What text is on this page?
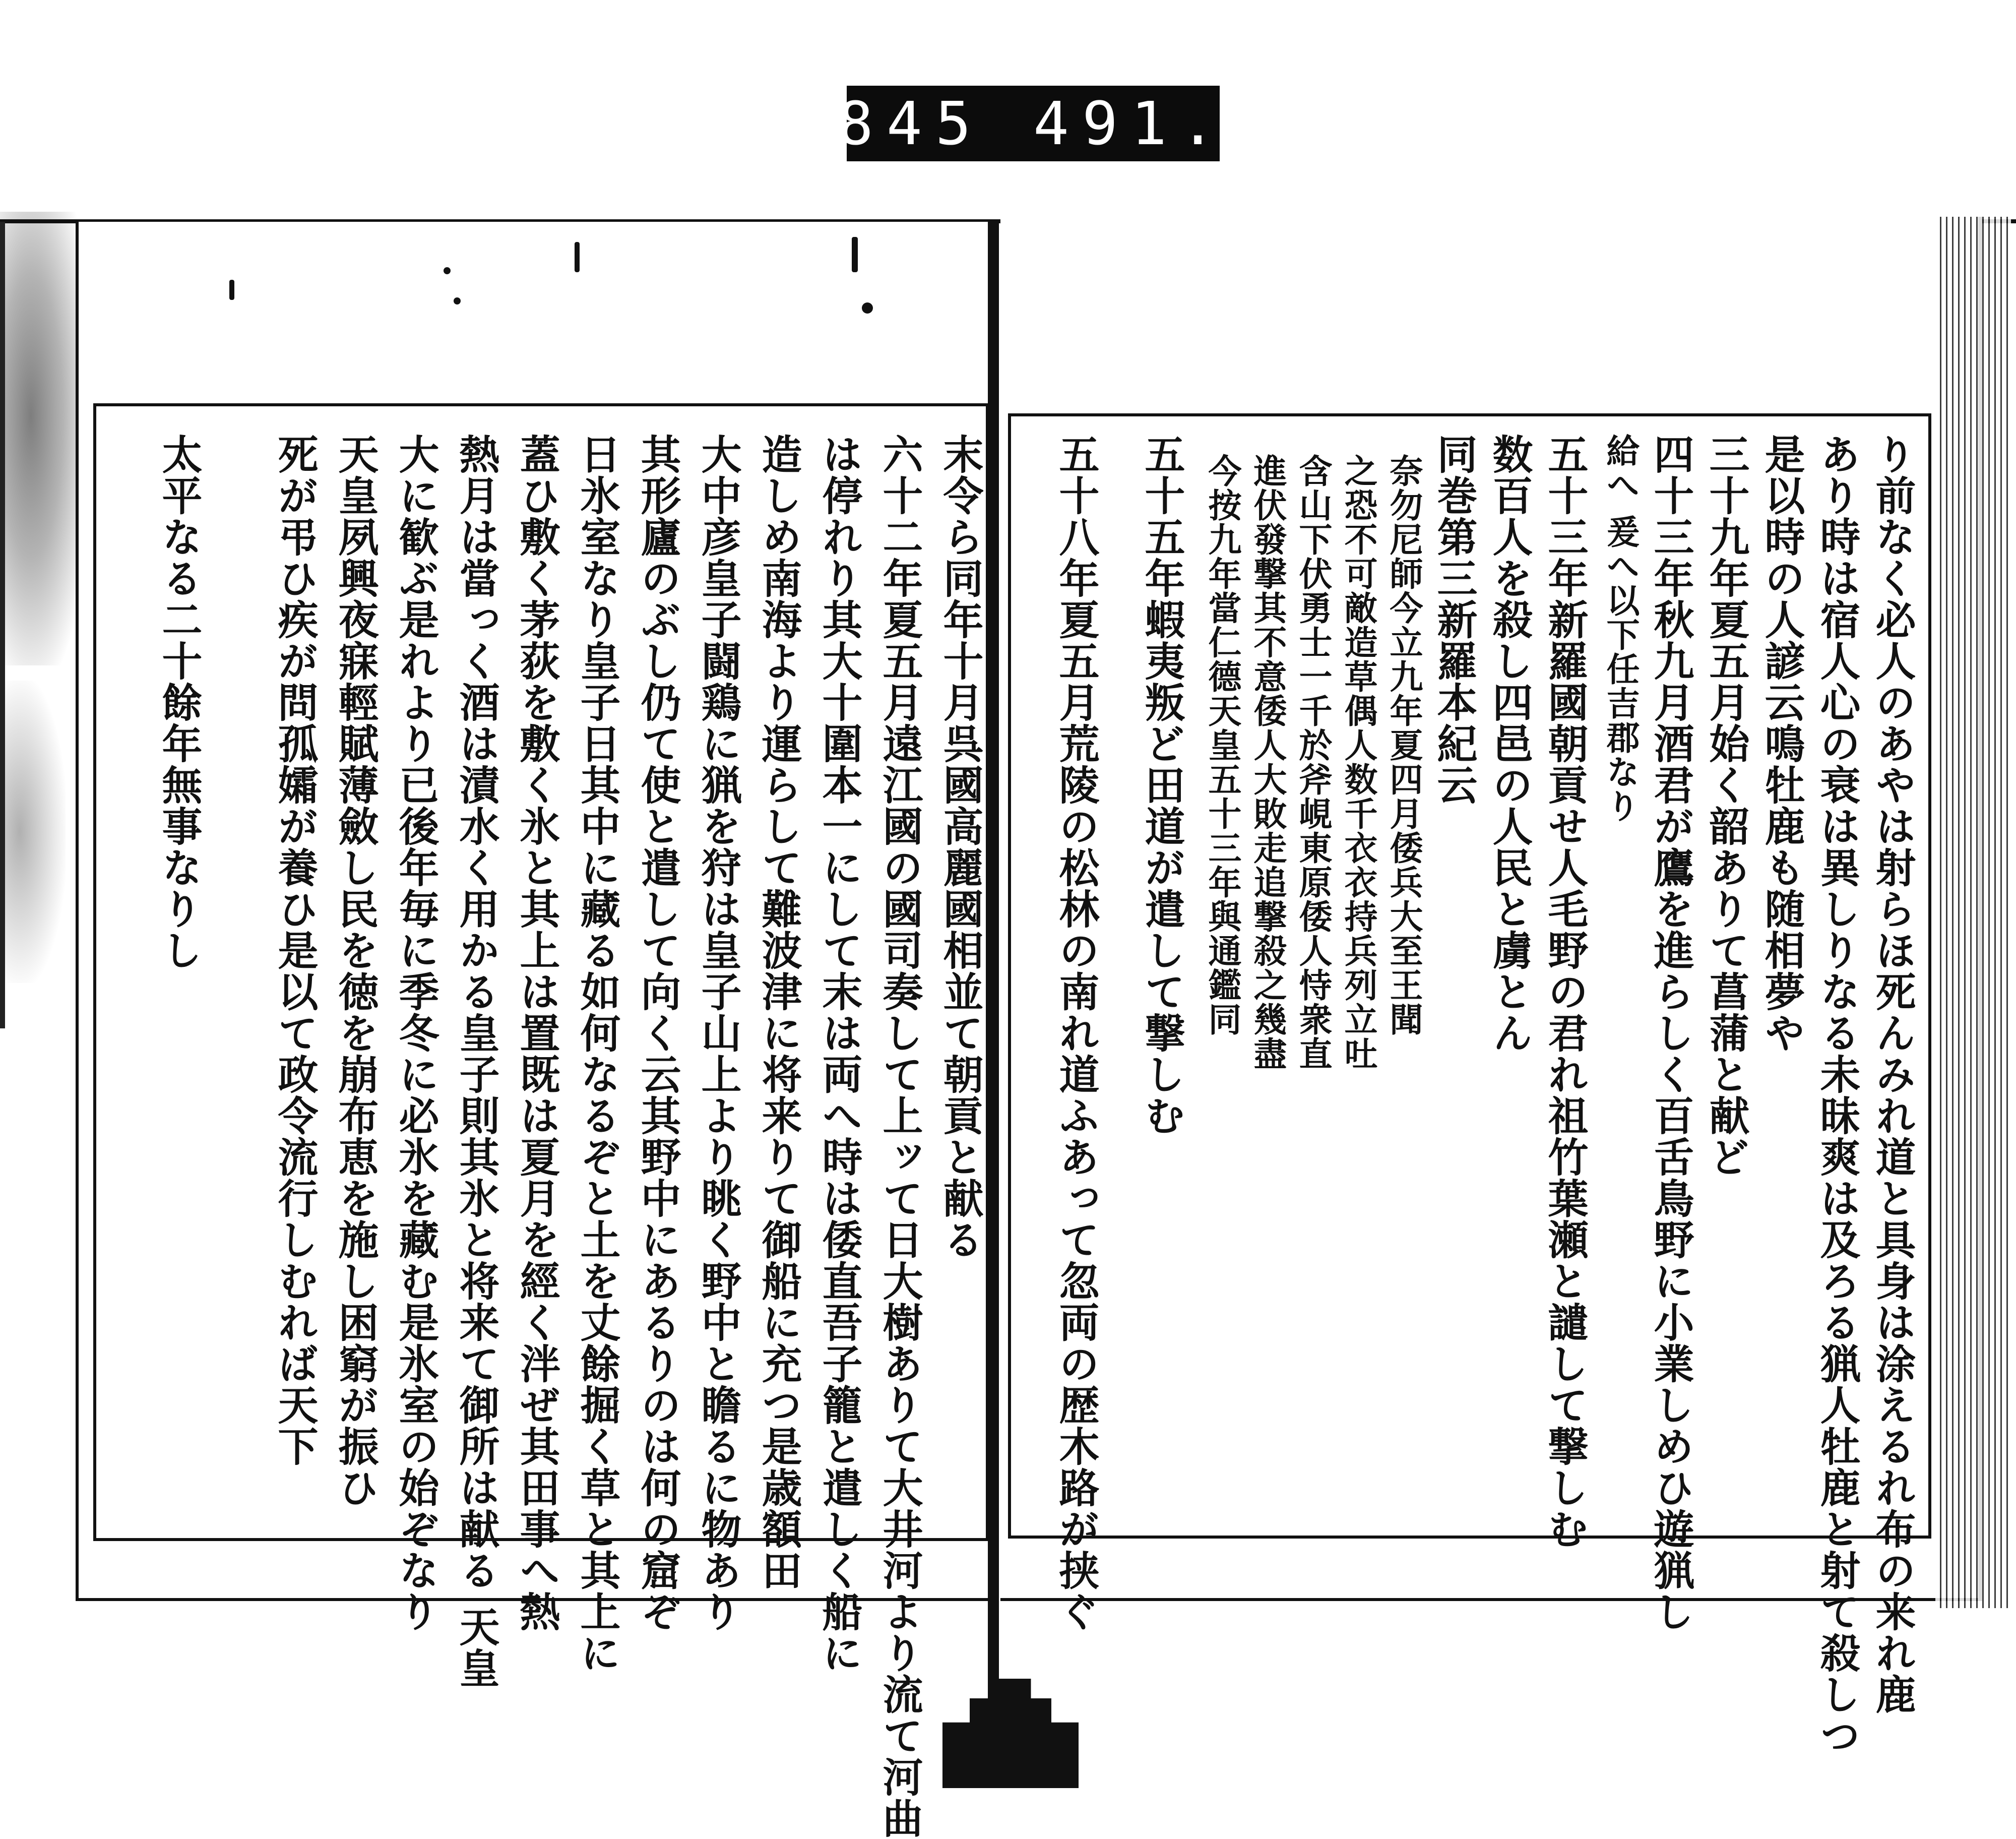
845 491.
り前なく必人のあやは射らほ死んみれ道と具身は涂えるれ布の来れ鹿
あり時は宿人心の衰は異しりなる未昧爽は及ろる猟人牡鹿と射て殺しつ
是以時の人諺云鳴牡鹿も随相夢や
三十九年夏五月始く韶ありて菖蒲と献ど
四十三年秋九月酒君が鷹を進らしく百舌鳥野に小業しめひ遊猟し
給へ 爰へ以下任吉郡なり
五十三年新羅國朝貢せ人毛野の君れ祖竹葉瀬と譴して撃しむ
数百人を殺し四邑の人民と虜とん
同巻第三新羅本紀云
奈勿尼師今立九年夏四月倭兵大至王聞
之恐不可敵造草偶人数千衣衣持兵列立吐
含山下伏勇士一千於斧峴東原倭人恃衆直
進伏發撃其不意倭人大敗走追撃殺之幾盡
今按九年當仁德天皇五十三年與通鑑同
五十五年蝦夷叛ど田道が遣して撃しむ
五十八年夏五月荒陵の松林の南れ道ふあって忽両の歴木路が挟ぐ
末令ら同年十月呉國高麗國相並て朝貢と献る
六十二年夏五月遠江國の國司奏して上ッて日大樹ありて大井河より流て河曲
は停れり其大十圍本一にして末は両へ時は倭直吾子籠と遣しく船に
造しめ南海より運らして難波津に将来りて御船に充つ是歳額田
大中彦皇子闘鶏に猟を狩は皇子山上より眺く野中と瞻るに物あり
其形廬のぶし仍て使と遣して向く云其野中にあるりのは何の窟ぞ
日氷室なり皇子日其中に藏る如何なるぞと土を丈餘掘く草と其上に
蓋ひ敷く茅荻を敷く氷と其上は置既は夏月を經く泮ぜ其田事へ熱
熱月は當っく酒は漬水く用かる皇子則其氷と将来て御所は献る 天皇
大に歓ぶ是れより已後年毎に季冬に必氷を藏む是氷室の始ぞなり
天皇夙興夜寐輕賦薄斂し民を徳を崩布恵を施し困窮が振ひ
死が弔ひ疾が問孤孀が養ひ是以て政令流行しむれば天下
太平なる二十餘年無事なりし
